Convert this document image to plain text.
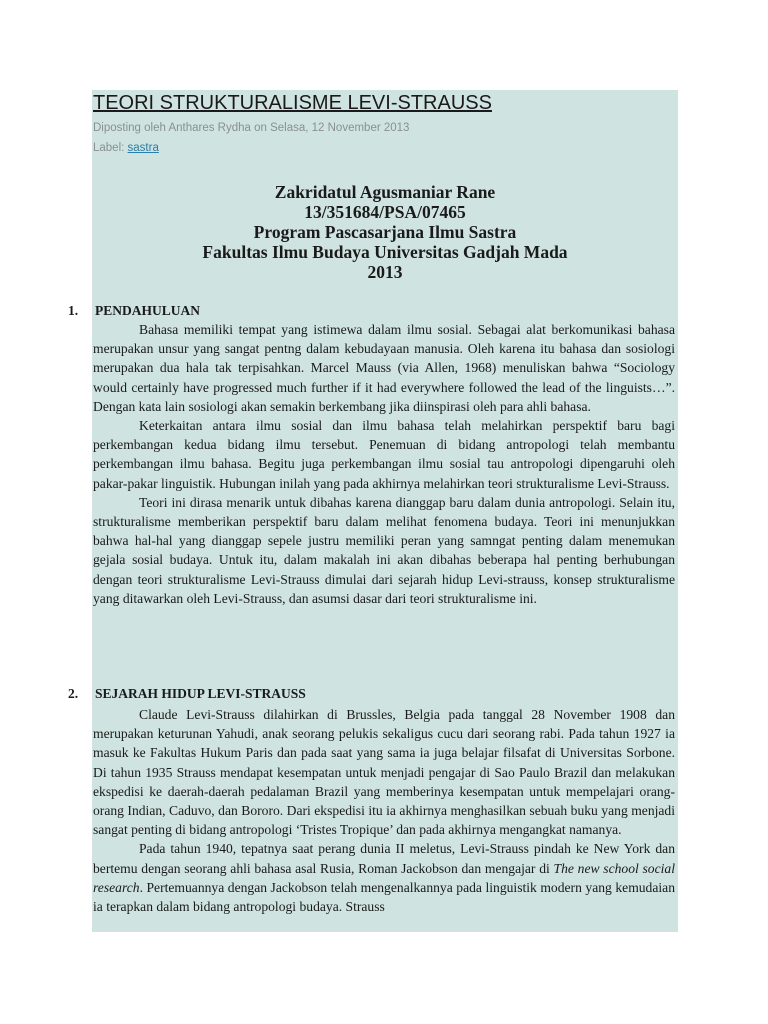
TEORI STRUKTURALISME LEVI-STRAUSS
Diposting oleh Anthares Rydha on Selasa, 12 November 2013
Label: sastra
Zakridatul Agusmaniar Rane
13/351684/PSA/07465
Program Pascasarjana Ilmu Sastra
Fakultas Ilmu Budaya Universitas Gadjah Mada
2013
1. PENDAHULUAN

Bahasa memiliki tempat yang istimewa dalam ilmu sosial. Sebagai alat berkomunikasi bahasa merupakan unsur yang sangat pentng dalam kebudayaan manusia. Oleh karena itu bahasa dan sosiologi merupakan dua hala tak terpisahkan. Marcel Mauss (via Allen, 1968) menuliskan bahwa “Sociology would certainly have progressed much further if it had everywhere followed the lead of the linguists…”. Dengan kata lain sosiologi akan semakin berkembang jika diinspirasi oleh para ahli bahasa.

Keterkaitan antara ilmu sosial dan ilmu bahasa telah melahirkan perspektif baru bagi perkembangan kedua bidang ilmu tersebut. Penemuan di bidang antropologi telah membantu perkembangan ilmu bahasa. Begitu juga perkembangan ilmu sosial tau antropologi dipengaruhi oleh pakar-pakar linguistik. Hubungan inilah yang pada akhirnya melahirkan teori strukturalisme Levi-Strauss.

Teori ini dirasa menarik untuk dibahas karena dianggap baru dalam dunia antropologi. Selain itu, strukturalisme memberikan perspektif baru dalam melihat fenomena budaya. Teori ini menunjukkan bahwa hal-hal yang dianggap sepele justru memiliki peran yang samngat penting dalam menemukan gejala sosial budaya. Untuk itu, dalam makalah ini akan dibahas beberapa hal penting berhubungan dengan teori strukturalisme Levi-Strauss dimulai dari sejarah hidup Levi-strauss, konsep strukturalisme yang ditawarkan oleh Levi-Strauss, dan asumsi dasar dari teori strukturalisme ini.

2. SEJARAH HIDUP LEVI-STRAUSS

Claude Levi-Strauss dilahirkan di Brussles, Belgia pada tanggal 28 November 1908 dan merupakan keturunan Yahudi, anak seorang pelukis sekaligus cucu dari seorang rabi. Pada tahun 1927 ia masuk ke Fakultas Hukum Paris dan pada saat yang sama ia juga belajar filsafat di Universitas Sorbone. Di tahun 1935 Strauss mendapat kesempatan untuk menjadi pengajar di Sao Paulo Brazil dan melakukan ekspedisi ke daerah-daerah pedalaman Brazil yang memberinya kesempatan untuk mempelajari orang-orang Indian, Caduvo, dan Bororo. Dari ekspedisi itu ia akhirnya menghasilkan sebuah buku yang menjadi sangat penting di bidang antropologi ‘Tristes Tropique’ dan pada akhirnya mengangkat namanya.

Pada tahun 1940, tepatnya saat perang dunia II meletus, Levi-Strauss pindah ke New York dan bertemu dengan seorang ahli bahasa asal Rusia, Roman Jackobson dan mengajar di The new school social research. Pertemuannya dengan Jackobson telah mengenalkannya pada linguistik modern yang kemudaian ia terapkan dalam bidang antropologi budaya. Strauss
